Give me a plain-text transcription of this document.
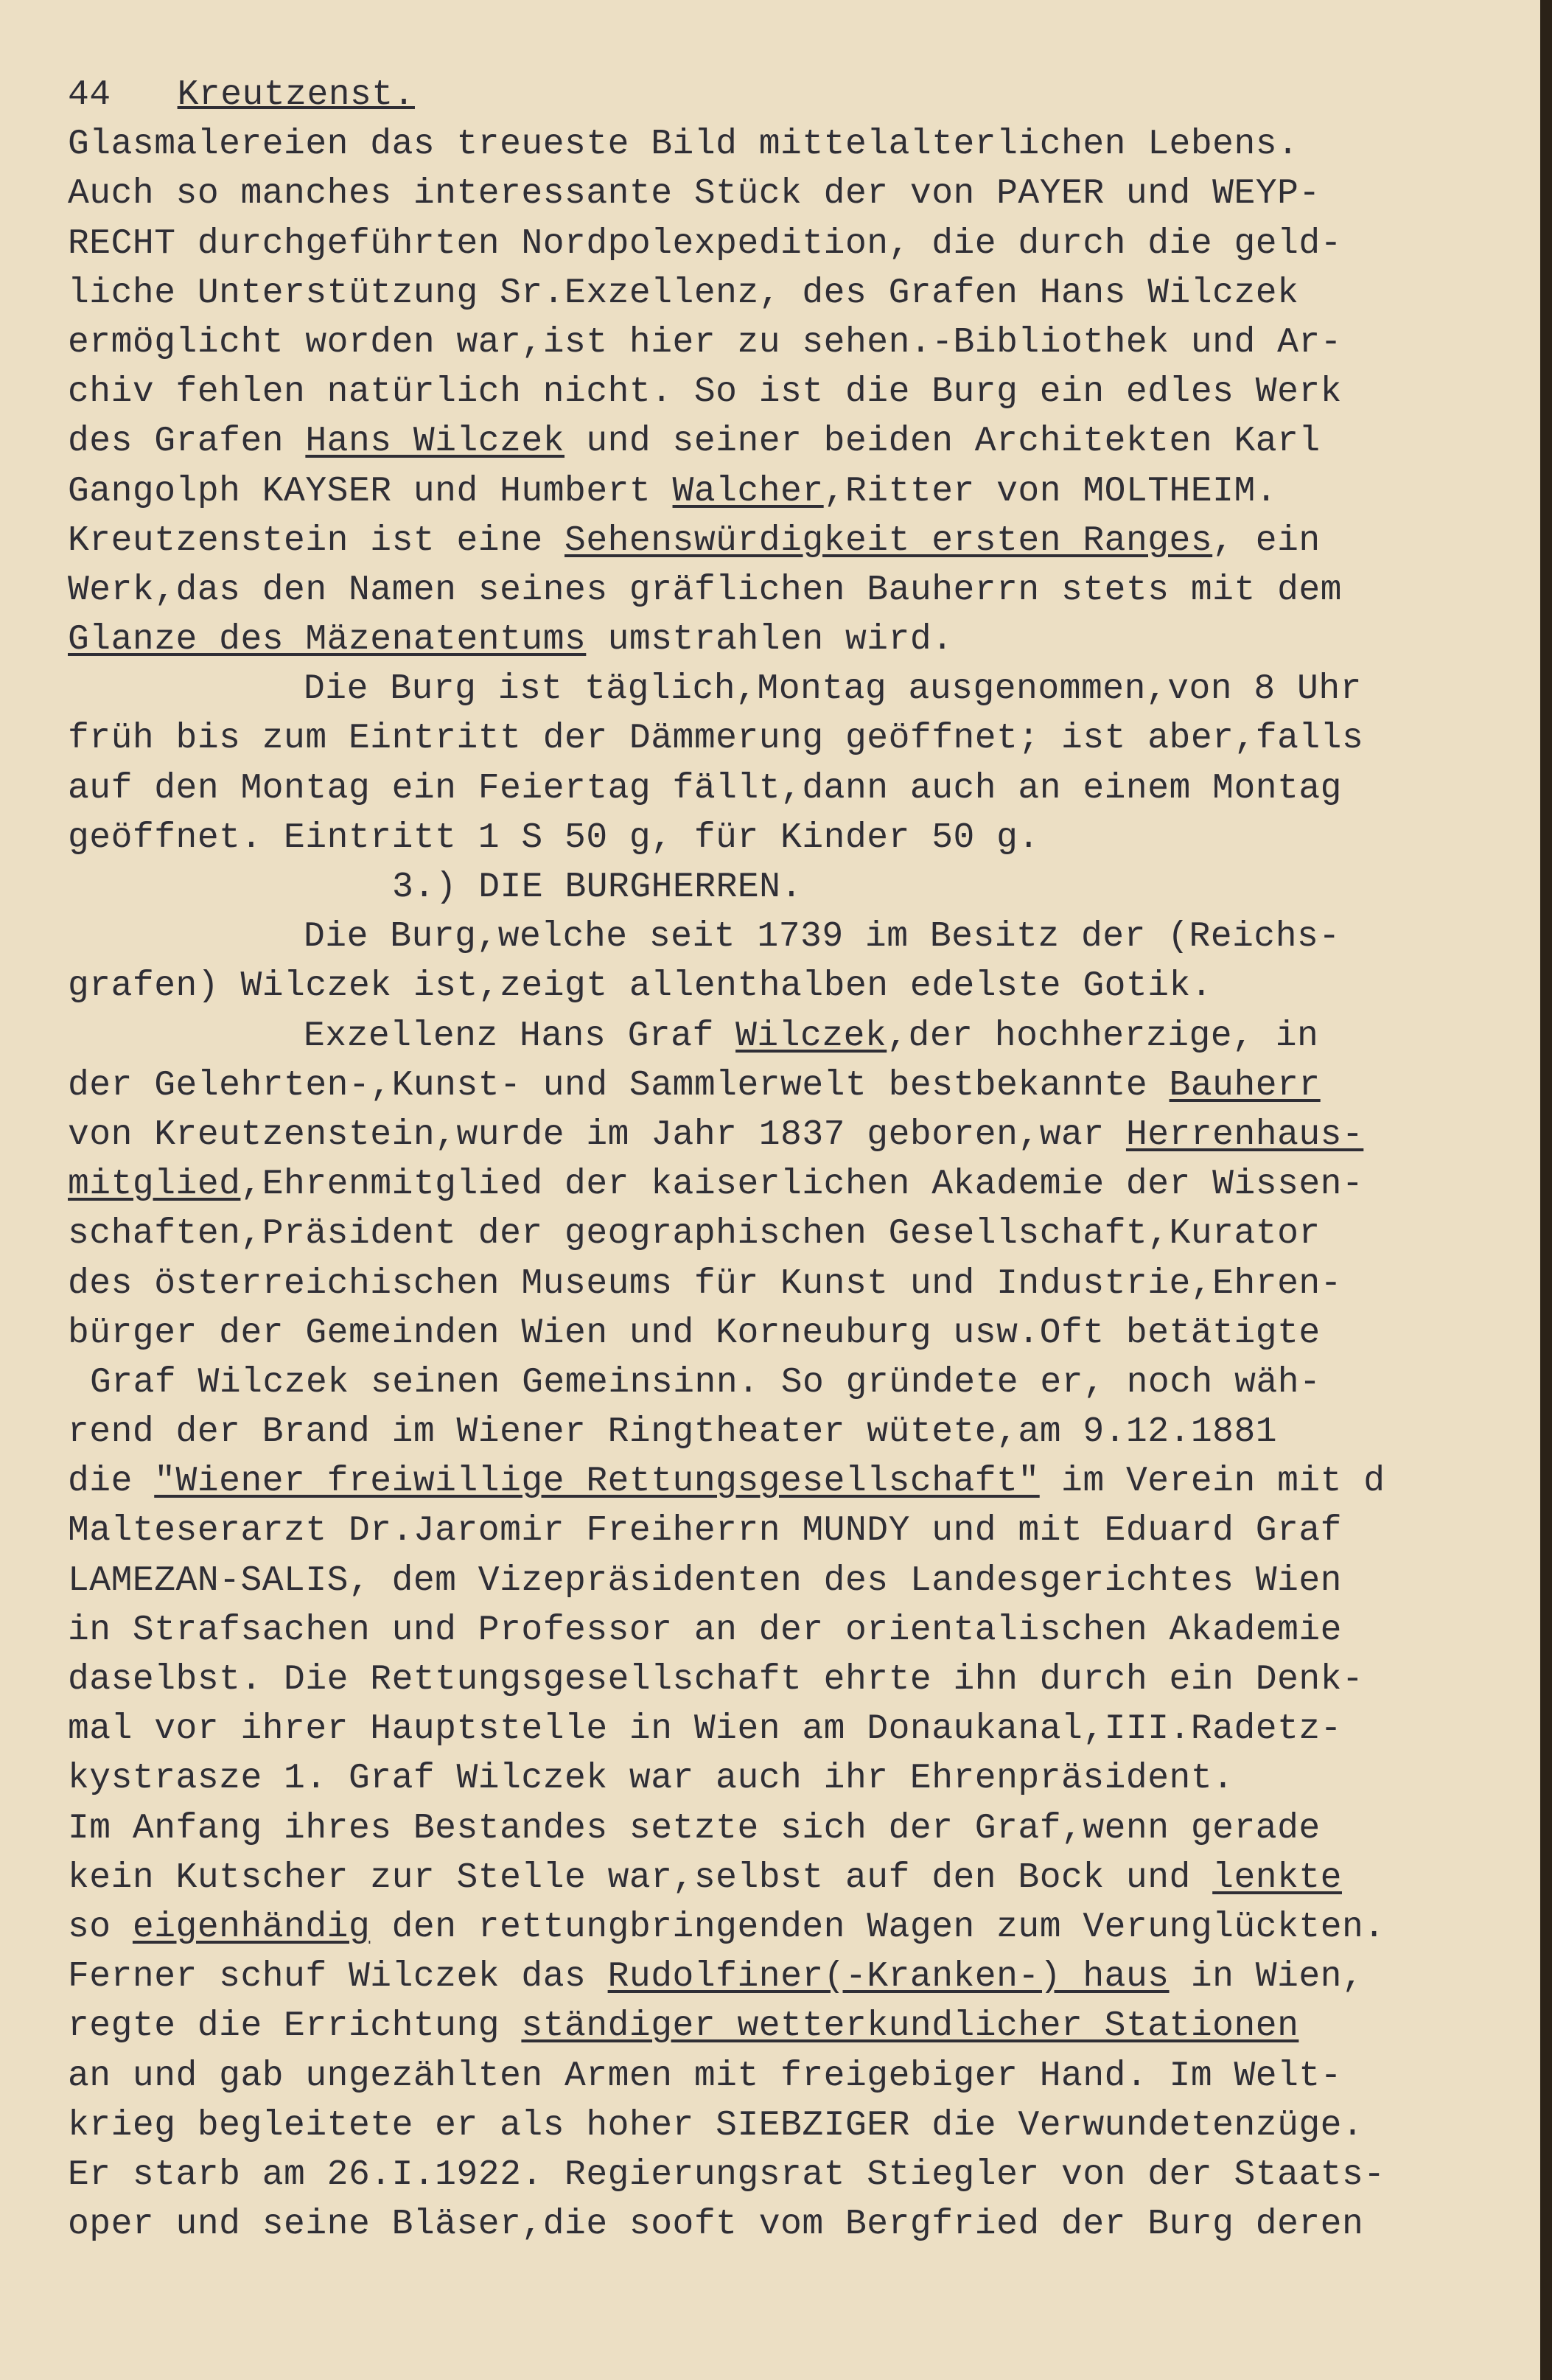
44 Kreutzenst.
Glasmalereien das treueste Bild mittelalterlichen Lebens.
Auch so manches interessante Stück der von PAYER und WEYP-
RECHT durchgeführten Nordpolexpedition, die durch die geld-
liche Unterstützung Sr.Exzellenz, des Grafen Hans Wilczek
ermöglicht worden war,ist hier zu sehen.-Bibliothek und Ar-
chiv fehlen natürlich nicht. So ist die Burg ein edles Werk
des Grafen Hans Wilczek und seiner beiden Architekten Karl
Gangolph KAYSER und Humbert Walcher,Ritter von MOLTHEIM.
Kreutzenstein ist eine Sehenswürdigkeit ersten Ranges, ein
Werk,das den Namen seines gräflichen Bauherrn stets mit dem
Glanze des Mäzenatentums umstrahlen wird.
Die Burg ist täglich,Montag ausgenommen,von 8 Uhr
früh bis zum Eintritt der Dämmerung geöffnet; ist aber,falls
auf den Montag ein Feiertag fällt,dann auch an einem Montag
geöffnet. Eintritt 1 S 50 g, für Kinder 50 g.
3.) DIE BURGHERREN.
Die Burg,welche seit 1739 im Besitz der (Reichs-
grafen) Wilczek ist,zeigt allenthalben edelste Gotik.
Exzellenz Hans Graf Wilczek,der hochherzige, in
der Gelehrten-,Kunst- und Sammlerwelt bestbekannte Bauherr
von Kreutzenstein,wurde im Jahr 1837 geboren,war Herrenhaus-
mitglied,Ehrenmitglied der kaiserlichen Akademie der Wissen-
schaften,Präsident der geographischen Gesellschaft,Kurator
des österreichischen Museums für Kunst und Industrie,Ehren-
bürger der Gemeinden Wien und Korneuburg usw.Oft betätigte
Graf Wilczek seinen Gemeinsinn. So gründete er, noch wäh-
rend der Brand im Wiener Ringtheater wütete,am 9.12.1881
die "Wiener freiwillige Rettungsgesellschaft" im Verein mit d
Malteserarzt Dr.Jaromir Freiherrn MUNDY und mit Eduard Graf
LAMEZAN-SALIS, dem Vizepräsidenten des Landesgerichtes Wien
in Strafsachen und Professor an der orientalischen Akademie
daselbst. Die Rettungsgesellschaft ehrte ihn durch ein Denk-
mal vor ihrer Hauptstelle in Wien am Donaukanal,III.Radetz-
kystrasze 1. Graf Wilczek war auch ihr Ehrenpräsident.
Im Anfang ihres Bestandes setzte sich der Graf,wenn gerade
kein Kutscher zur Stelle war,selbst auf den Bock und lenkte
so eigenhändig den rettungbringenden Wagen zum Verunglückten.
Ferner schuf Wilczek das Rudolfiner(-Kranken-) haus in Wien,
regte die Errichtung ständiger wetterkundlicher Stationen
an und gab ungezählten Armen mit freigebiger Hand. Im Welt-
krieg begleitete er als hoher SIEBZIGER die Verwundetenzüge.
Er starb am 26.I.1922. Regierungsrat Stiegler von der Staats-
oper und seine Bläser,die sooft vom Bergfried der Burg deren
